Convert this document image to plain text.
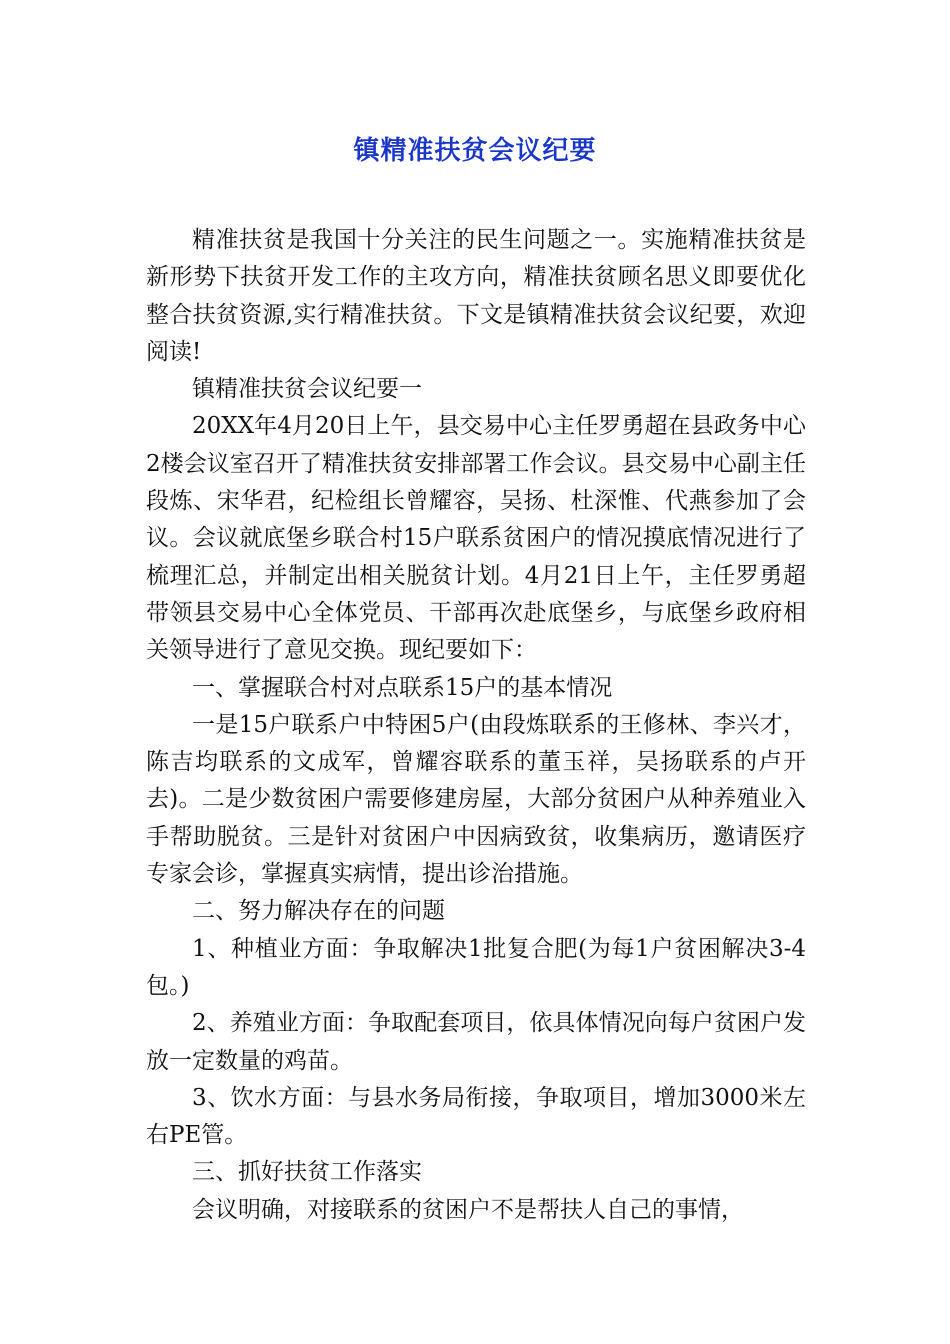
镇精准扶贫会议纪要

精准扶贫是我国十分关注的民生问题之一。实施精准扶贫是新形势下扶贫开发工作的主攻方向，精准扶贫顾名思义即要优化整合扶贫资源,实行精准扶贫。下文是镇精准扶贫会议纪要，欢迎阅读!

镇精准扶贫会议纪要一

20XX年4月20日上午，县交易中心主任罗勇超在县政务中心2楼会议室召开了精准扶贫安排部署工作会议。县交易中心副主任段炼、宋华君，纪检组长曾耀容，吴扬、杜深惟、代燕参加了会议。会议就底堡乡联合村15户联系贫困户的情况摸底情况进行了梳理汇总，并制定出相关脱贫计划。4月21日上午，主任罗勇超带领县交易中心全体党员、干部再次赴底堡乡，与底堡乡政府相关领导进行了意见交换。现纪要如下：

一、掌握联合村对点联系15户的基本情况

一是15户联系户中特困5户(由段炼联系的王修林、李兴才，陈吉均联系的文成军，曾耀容联系的董玉祥，吴扬联系的卢开去)。二是少数贫困户需要修建房屋，大部分贫困户从种养殖业入手帮助脱贫。三是针对贫困户中因病致贫，收集病历，邀请医疗专家会诊，掌握真实病情，提出诊治措施。

二、努力解决存在的问题

1、种植业方面：争取解决1批复合肥(为每1户贫困解决3-4包。)

2、养殖业方面：争取配套项目，依具体情况向每户贫困户发放一定数量的鸡苗。

3、饮水方面：与县水务局衔接，争取项目，增加3000米左右PE管。

三、抓好扶贫工作落实

会议明确，对接联系的贫困户不是帮扶人自己的事情，
